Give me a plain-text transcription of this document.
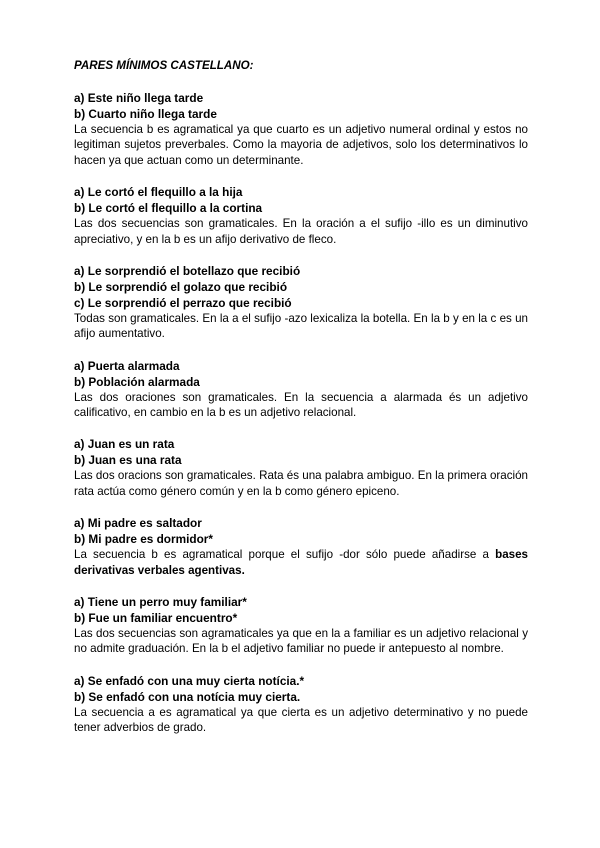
PARES MÍNIMOS CASTELLANO:
a) Este niño llega tarde
b) Cuarto niño llega tarde
La secuencia b es agramatical ya que cuarto es un adjetivo numeral ordinal y estos no legitiman sujetos preverbales. Como la mayoria de adjetivos, solo los determinativos lo hacen ya que actuan como un determinante.
a) Le cortó el flequillo a la hija
b) Le cortó el flequillo a la cortina
Las dos secuencias son gramaticales. En la oración a el sufijo -illo es un diminutivo apreciativo, y en la b es un afijo derivativo de fleco.
a) Le sorprendió el botellazo que recibió
b) Le sorprendió el golazo que recibió
c) Le sorprendió el perrazo que recibió
Todas son gramaticales. En la a el sufijo -azo lexicaliza la botella. En la b y en la c es un afijo aumentativo.
a) Puerta alarmada
b) Población alarmada
Las dos oraciones son gramaticales. En la secuencia a alarmada és un adjetivo calificativo, en cambio en la b es un adjetivo relacional.
a) Juan es un rata
b) Juan es una rata
Las dos oracions son gramaticales. Rata és una palabra ambiguo. En la primera oración rata actúa como género común y en la b como género epiceno.
a) Mi padre es saltador
b) Mi padre es dormidor*
La secuencia b es agramatical porque el sufijo -dor sólo puede añadirse a bases derivativas verbales agentivas.
a) Tiene un perro muy familiar*
b) Fue un familiar encuentro*
Las dos secuencias son agramaticales ya que en la a familiar es un adjetivo relacional y no admite graduación. En la b el adjetivo familiar no puede ir antepuesto al nombre.
a) Se enfadó con una muy cierta notícia.*
b) Se enfadó con una notícia muy cierta.
La secuencia a es agramatical ya que cierta es un adjetivo determinativo y no puede tener adverbios de grado.
